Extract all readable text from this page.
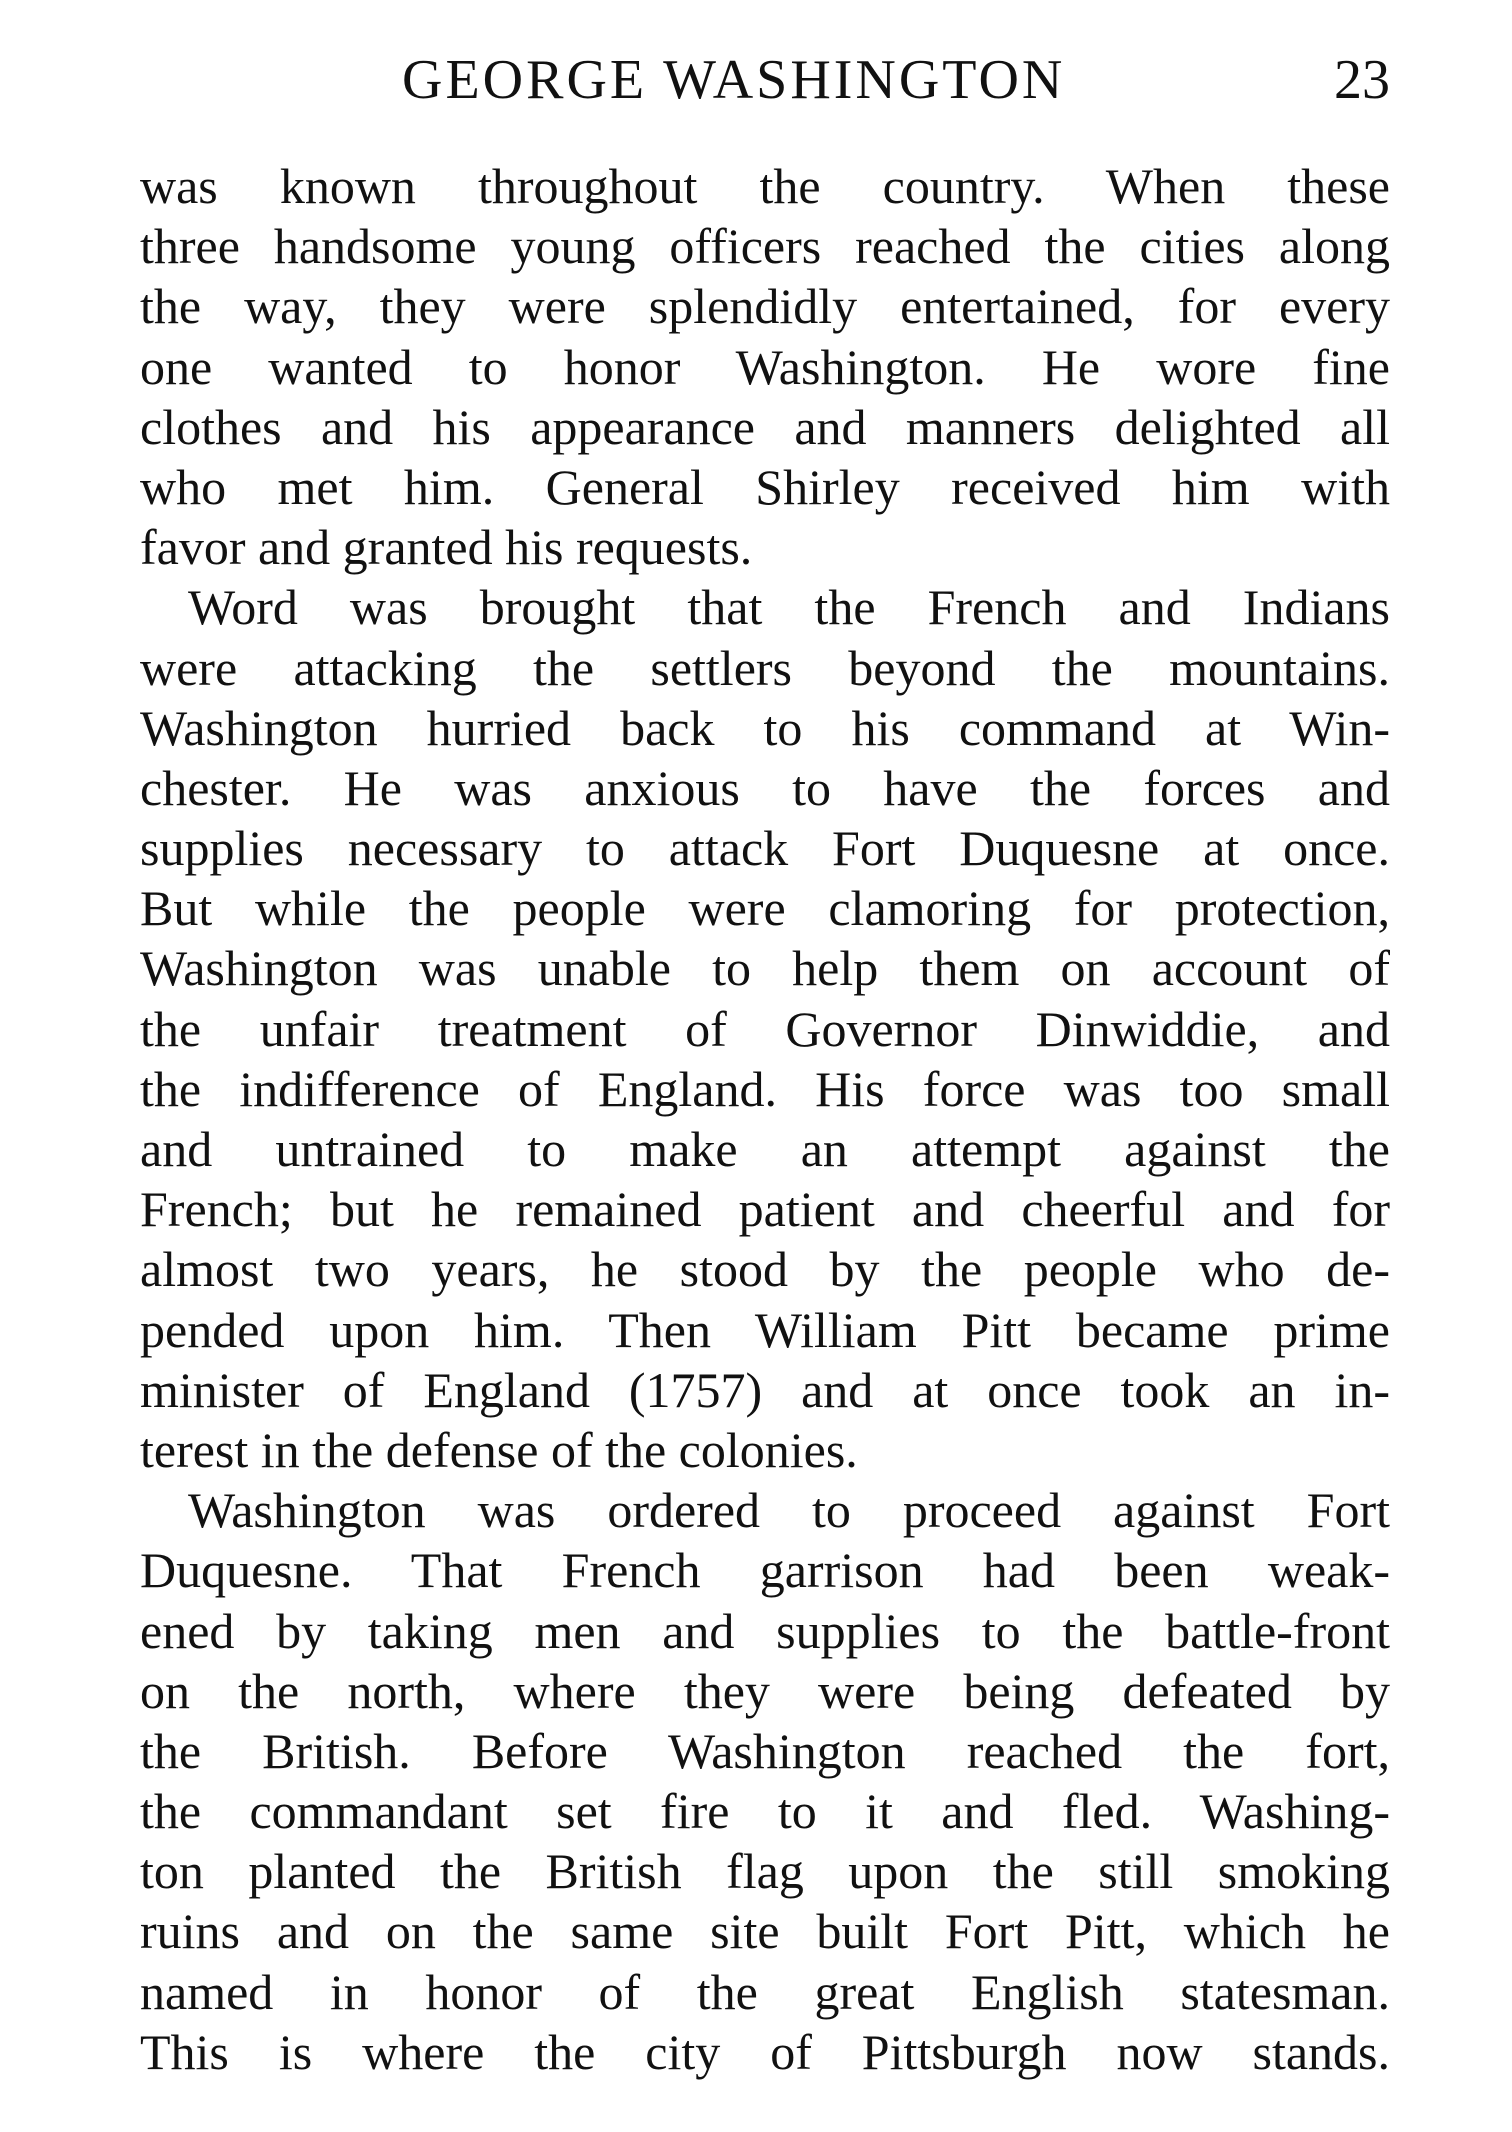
GEORGE WASHINGTON	23
was known throughout the country. When these
three handsome young officers reached the cities along
the way, they were splendidly entertained, for every
one wanted to honor Washington. He wore fine
clothes and his appearance and manners delighted all
who met him. General Shirley received him with
favor and granted his requests.
Word was brought that the French and Indians
were attacking the settlers beyond the mountains.
Washington hurried back to his command at Win-
chester. He was anxious to have the forces and
supplies necessary to attack Fort Duquesne at once.
But while the people were clamoring for protection,
Washington was unable to help them on account of
the unfair treatment of Governor Dinwiddie, and
the indifference of England. His force was too small
and untrained to make an attempt against the
French; but he remained patient and cheerful and for
almost two years, he stood by the people who de-
pended upon him. Then William Pitt became prime
minister of England (1757) and at once took an in-
terest in the defense of the colonies.
Washington was ordered to proceed against Fort
Duquesne. That French garrison had been weak-
ened by taking men and supplies to the battle-front
on the north, where they were being defeated by
the British. Before Washington reached the fort,
the commandant set fire to it and fled. Washing-
ton planted the British flag upon the still smoking
ruins and on the same site built Fort Pitt, which he
named in honor of the great English statesman.
This is where the city of Pittsburgh now stands.
